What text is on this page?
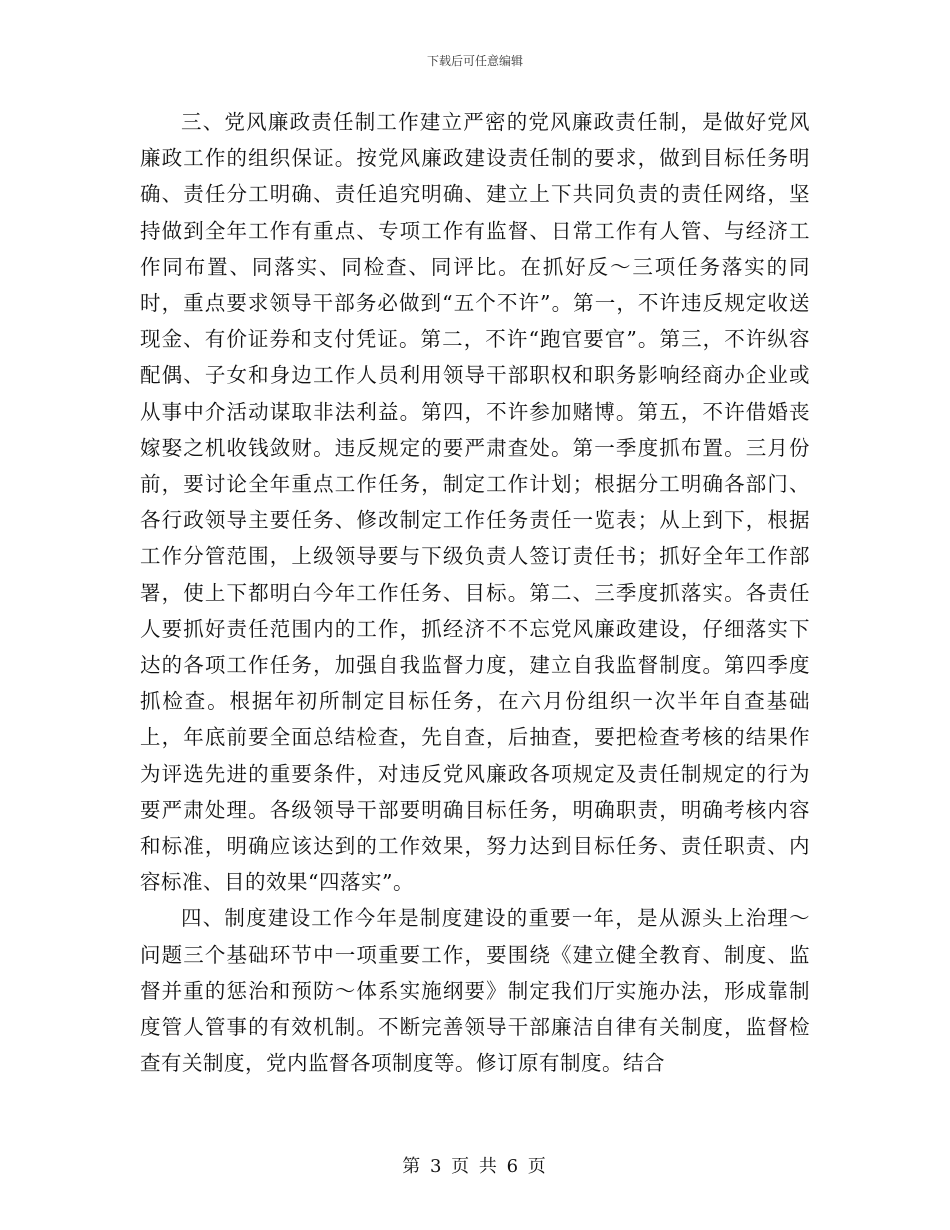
下载后可任意编辑

三、党风廉政责任制工作建立严密的党风廉政责任制，是做好党风廉政工作的组织保证。按党风廉政建设责任制的要求，做到目标任务明确、责任分工明确、责任追究明确、建立上下共同负责的责任网络，坚持做到全年工作有重点、专项工作有监督、日常工作有人管、与经济工作同布置、同落实、同检查、同评比。在抓好反～三项任务落实的同时，重点要求领导干部务必做到“五个不许”。第一，不许违反规定收送现金、有价证券和支付凭证。第二，不许“跑官要官”。第三，不许纵容配偶、子女和身边工作人员利用领导干部职权和职务影响经商办企业或从事中介活动谋取非法利益。第四，不许参加赌博。第五，不许借婚丧嫁娶之机收钱敛财。违反规定的要严肃查处。第一季度抓布置。三月份前，要讨论全年重点工作任务，制定工作计划；根据分工明确各部门、各行政领导主要任务、修改制定工作任务责任一览表；从上到下，根据工作分管范围，上级领导要与下级负责人签订责任书；抓好全年工作部署，使上下都明白今年工作任务、目标。第二、三季度抓落实。各责任人要抓好责任范围内的工作，抓经济不不忘党风廉政建设，仔细落实下达的各项工作任务，加强自我监督力度，建立自我监督制度。第四季度抓检查。根据年初所制定目标任务，在六月份组织一次半年自查基础上，年底前要全面总结检查，先自查，后抽查，要把检查考核的结果作为评选先进的重要条件，对违反党风廉政各项规定及责任制规定的行为要严肃处理。各级领导干部要明确目标任务，明确职责，明确考核内容和标准，明确应该达到的工作效果，努力达到目标任务、责任职责、内容标准、目的效果“四落实”。

四、制度建设工作今年是制度建设的重要一年，是从源头上治理～问题三个基础环节中一项重要工作，要围绕《建立健全教育、制度、监督并重的惩治和预防～体系实施纲要》制定我们厅实施办法，形成靠制度管人管事的有效机制。不断完善领导干部廉洁自律有关制度，监督检查有关制度，党内监督各项制度等。修订原有制度。结合

第 3 页 共 6 页
